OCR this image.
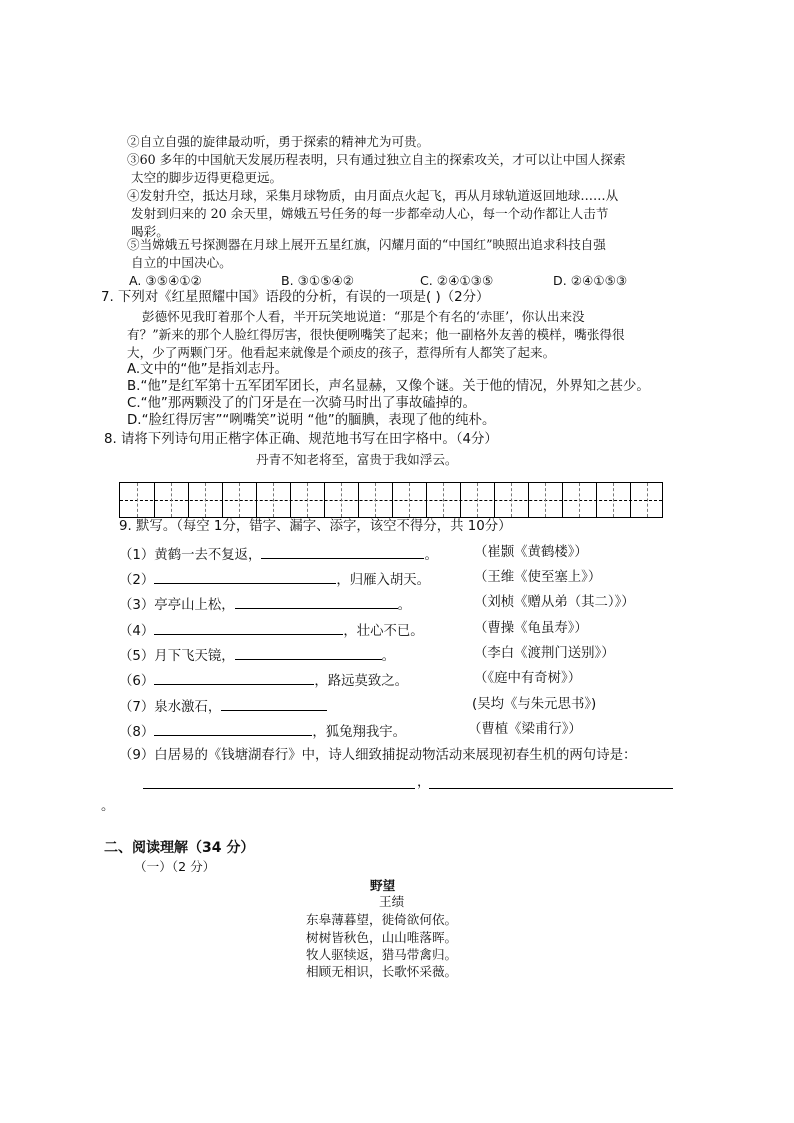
②自立自强的旋律最动听，勇于探索的精神尤为可贵。
③60 多年的中国航天发展历程表明，只有通过独立自主的探索攻关，才可以让中国人探索
太空的脚步迈得更稳更远。
④发射升空，抵达月球，采集月球物质，由月面点火起飞，再从月球轨道返回地球……从
发射到归来的 20 余天里，嫦娥五号任务的每一步都牵动人心，每一个动作都让人击节
喝彩。
⑤当嫦娥五号探测器在月球上展开五星红旗，闪耀月面的“中国红”映照出追求科技自强
自立的中国决心。
A. ③⑤④①②	B. ③①⑤④②	C. ②④①③⑤	D. ②④①⑤③
7. 下列对《红星照耀中国》语段的分析，有误的一项是( )（2分）
彭德怀见我盯着那个人看，半开玩笑地说道：“那是个有名的‘赤匪’，你认出来没
有？”新来的那个人脸红得厉害，很快便咧嘴笑了起来；他一副格外友善的模样，嘴张得很
大，少了两颗门牙。他看起来就像是个顽皮的孩子，惹得所有人都笑了起来。
A.文中的“他”是指刘志丹。
B.“他”是红军第十五军团军团长，声名显赫，又像个谜。关于他的情况，外界知之甚少。
C.“他”那两颗没了的门牙是在一次骑马时出了事故磕掉的。
D.“脸红得厉害”“咧嘴笑”说明 “他”的腼腆，表现了他的纯朴。
8. 请将下列诗句用正楷字体正确、规范地书写在田字格中。（4分）
丹青不知老将至，富贵于我如浮云。
9. 默写。（每空 1分，错字、漏字、添字，该空不得分，共 10分）
（1）黄鹤一去不复返，	。	（崔颢《黄鹤楼》）
（2）	，归雁入胡天。	（王维《使至塞上》）
（3）亭亭山上松，	。	（刘桢《赠从弟（其二）》）
（4）	，壮心不已。	（曹操《龟虽寿》）
（5）月下飞天镜，	。	（李白《渡荆门送别》）
（6）	，路远莫致之。	（《庭中有奇树》）
（7）泉水激石，	(吴均《与朱元思书》)
（8）	，狐兔翔我宇。	（曹植《梁甫行》）
（9）白居易的《钱塘湖春行》中，诗人细致捕捉动物活动来展现初春生机的两句诗是：
，
。
二、阅读理解（34 分）
（一）（2 分）
野望
王绩
东皋薄暮望，徙倚欲何依。
树树皆秋色，山山唯落晖。
牧人驱犊返，猎马带禽归。
相顾无相识，长歌怀采薇。
